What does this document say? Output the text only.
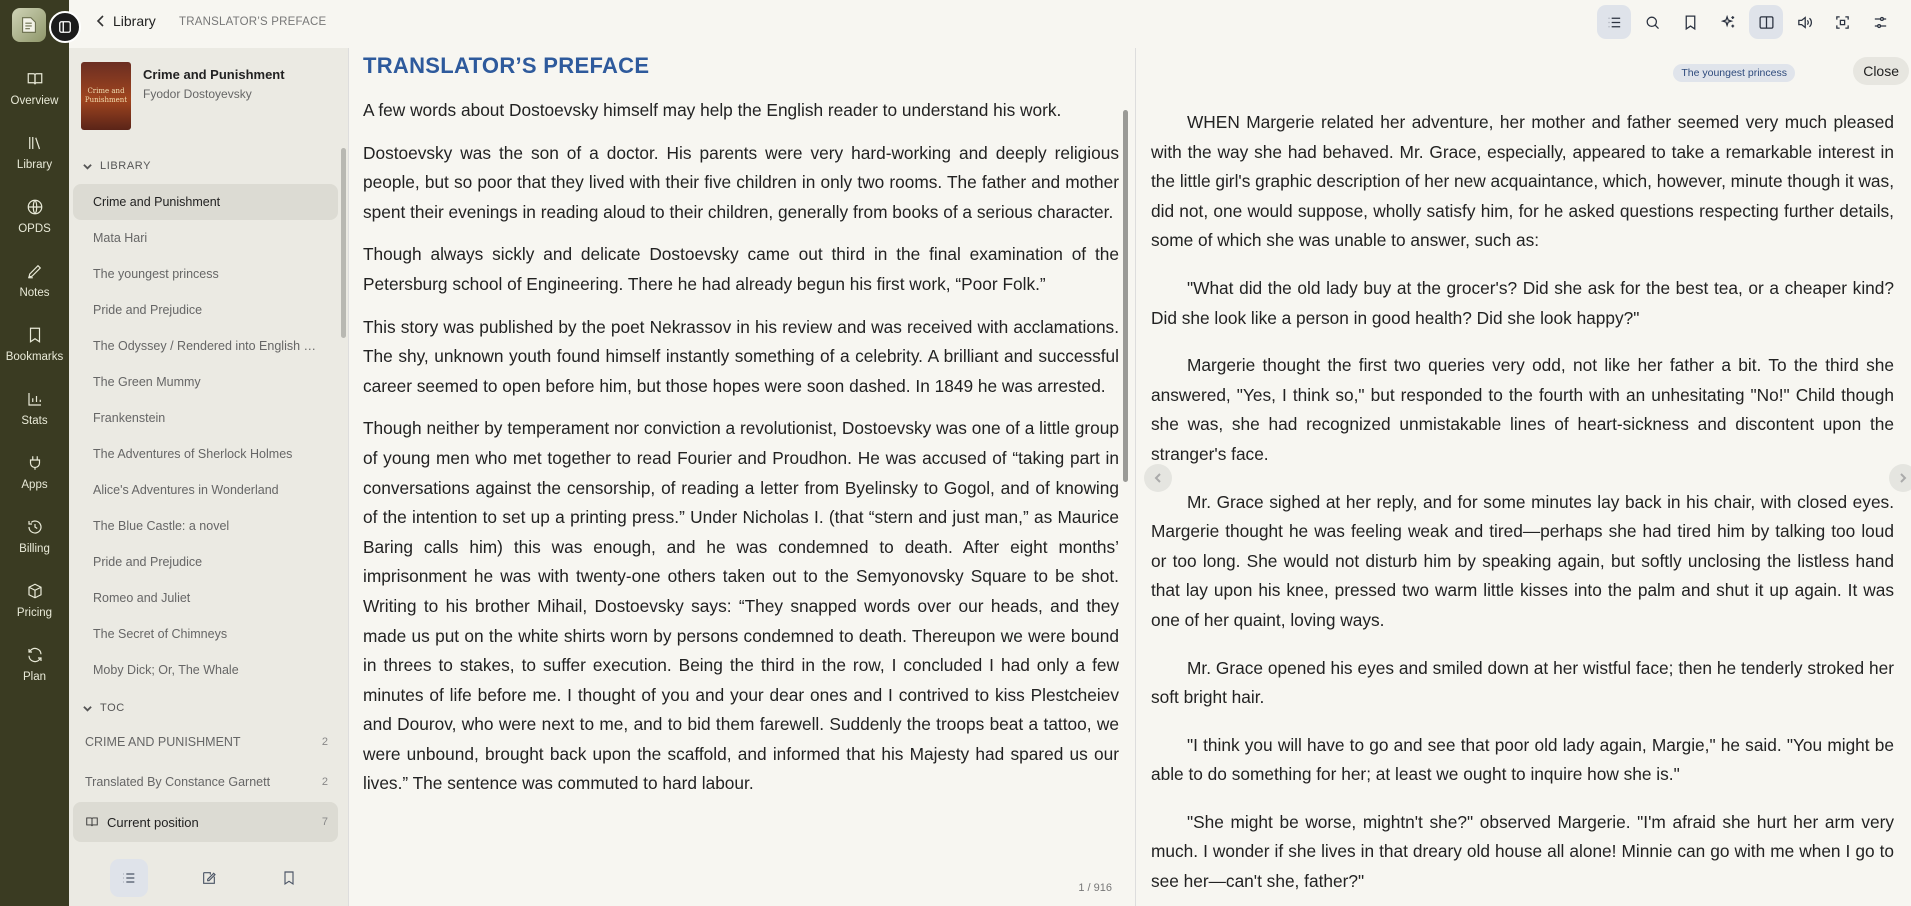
Overview
Library
OPDS
Notes
Bookmarks
Stats
Apps
Billing
Pricing
Plan
Library TRANSLATOR’S PREFACE
Crime and Punishment
Crime and Punishment
Fyodor Dostoyevsky
LIBRARY
Crime and Punishment
Mata Hari
The youngest princess
Pride and Prejudice
The Odyssey / Rendered into English …
The Green Mummy
Frankenstein
The Adventures of Sherlock Holmes
Alice's Adventures in Wonderland
The Blue Castle: a novel
Pride and Prejudice
Romeo and Juliet
The Secret of Chimneys
Moby Dick; Or, The Whale
TOC
CRIME AND PUNISHMENT	2
Translated By Constance Garnett	2
Current position	7
TRANSLATOR’S PREFACE

A few words about Dostoevsky himself may help the English reader to understand his work.

Dostoevsky was the son of a doctor. His parents were very hard-working and deeply religious people, but so poor that they lived with their five children in only two rooms. The father and mother spent their evenings in reading aloud to their children, generally from books of a serious character.

Though always sickly and delicate Dostoevsky came out third in the final examination of the Petersburg school of Engineering. There he had already begun his first work, “Poor Folk.”

This story was published by the poet Nekrassov in his review and was received with acclamations. The shy, unknown youth found himself instantly something of a celebrity. A brilliant and successful career seemed to open before him, but those hopes were soon dashed. In 1849 he was arrested.

Though neither by temperament nor conviction a revolutionist, Dostoevsky was one of a little group of young men who met together to read Fourier and Proudhon. He was accused of “taking part in conversations against the censorship, of reading a letter from Byelinsky to Gogol, and of knowing of the intention to set up a printing press.” Under Nicholas I. (that “stern and just man,” as Maurice Baring calls him) this was enough, and he was condemned to death. After eight months’ imprisonment he was with twenty-one others taken out to the Semyonovsky Square to be shot. Writing to his brother Mihail, Dostoevsky says: “They snapped words over our heads, and they made us put on the white shirts worn by persons condemned to death. Thereupon we were bound in threes to stakes, to suffer execution. Being the third in the row, I concluded I had only a few minutes of life before me. I thought of you and your dear ones and I contrived to kiss Plestcheiev and Dourov, who were next to me, and to bid them farewell. Suddenly the troops beat a tattoo, we were unbound, brought back upon the scaffold, and informed that his Majesty had spared us our lives.” The sentence was commuted to hard labour.

1 / 916
The youngest princess	Close

WHEN Margerie related her adventure, her mother and father seemed very much pleased with the way she had behaved. Mr. Grace, especially, appeared to take a remarkable interest in the little girl's graphic description of her new acquaintance, which, however, minute though it was, did not, one would suppose, wholly satisfy him, for he asked questions respecting further details, some of which she was unable to answer, such as:

"What did the old lady buy at the grocer's? Did she ask for the best tea, or a cheaper kind? Did she look like a person in good health? Did she look happy?"

Margerie thought the first two queries very odd, not like her father a bit. To the third she answered, "Yes, I think so," but responded to the fourth with an unhesitating "No!" Child though she was, she had recognized unmistakable lines of heart-sickness and discontent upon the stranger's face.

Mr. Grace sighed at her reply, and for some minutes lay back in his chair, with closed eyes. Margerie thought he was feeling weak and tired—perhaps she had tired him by talking too loud or too long. She would not disturb him by speaking again, but softly unclosing the listless hand that lay upon his knee, pressed two warm little kisses into the palm and shut it up again. It was one of her quaint, loving ways.

Mr. Grace opened his eyes and smiled down at her wistful face; then he tenderly stroked her soft bright hair.

"I think you will have to go and see that poor old lady again, Margie," he said. "You might be able to do something for her; at least we ought to inquire how she is."

"She might be worse, mightn't she?" observed Margerie. "I'm afraid she hurt her arm very much. I wonder if she lives in that dreary old house all alone! Minnie can go with me when I go to see her—can't she, father?"
